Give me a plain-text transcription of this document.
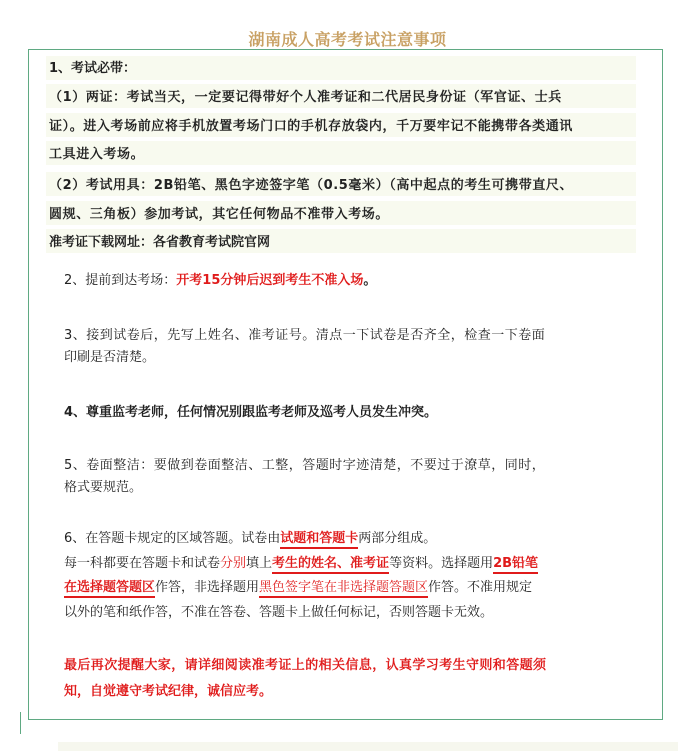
湖南成人高考考试注意事项
1、考试必带：
（1）两证：考试当天，一定要记得带好个人准考证和二代居民身份证（军官证、士兵
证）。进入考场前应将手机放置考场门口的手机存放袋内，千万要牢记不能携带各类通讯
工具进入考场。
（2）考试用具：2B铅笔、黑色字迹签字笔（0.5毫米）（高中起点的考生可携带直尺、
圆规、三角板）参加考试，其它任何物品不准带入考场。
准考证下载网址：各省教育考试院官网
2、提前到达考场：开考15分钟后迟到考生不准入场。
3、接到试卷后，先写上姓名、准考证号。清点一下试卷是否齐全，检查一下卷面
印刷是否清楚。
4、尊重监考老师，任何情况别跟监考老师及巡考人员发生冲突。
5、卷面整洁：要做到卷面整洁、工整，答题时字迹清楚，不要过于潦草，同时，
格式要规范。
6、在答题卡规定的区域答题。试卷由试题和答题卡两部分组成。
每一科都要在答题卡和试卷分别填上考生的姓名、准考证等资料。选择题用2B铅笔
在选择题答题区作答，非选择题用黑色签字笔在非选择题答题区作答。不准用规定
以外的笔和纸作答，不准在答卷、答题卡上做任何标记，否则答题卡无效。
最后再次提醒大家，请详细阅读准考证上的相关信息，认真学习考生守则和答题须
知，自觉遵守考试纪律，诚信应考。
